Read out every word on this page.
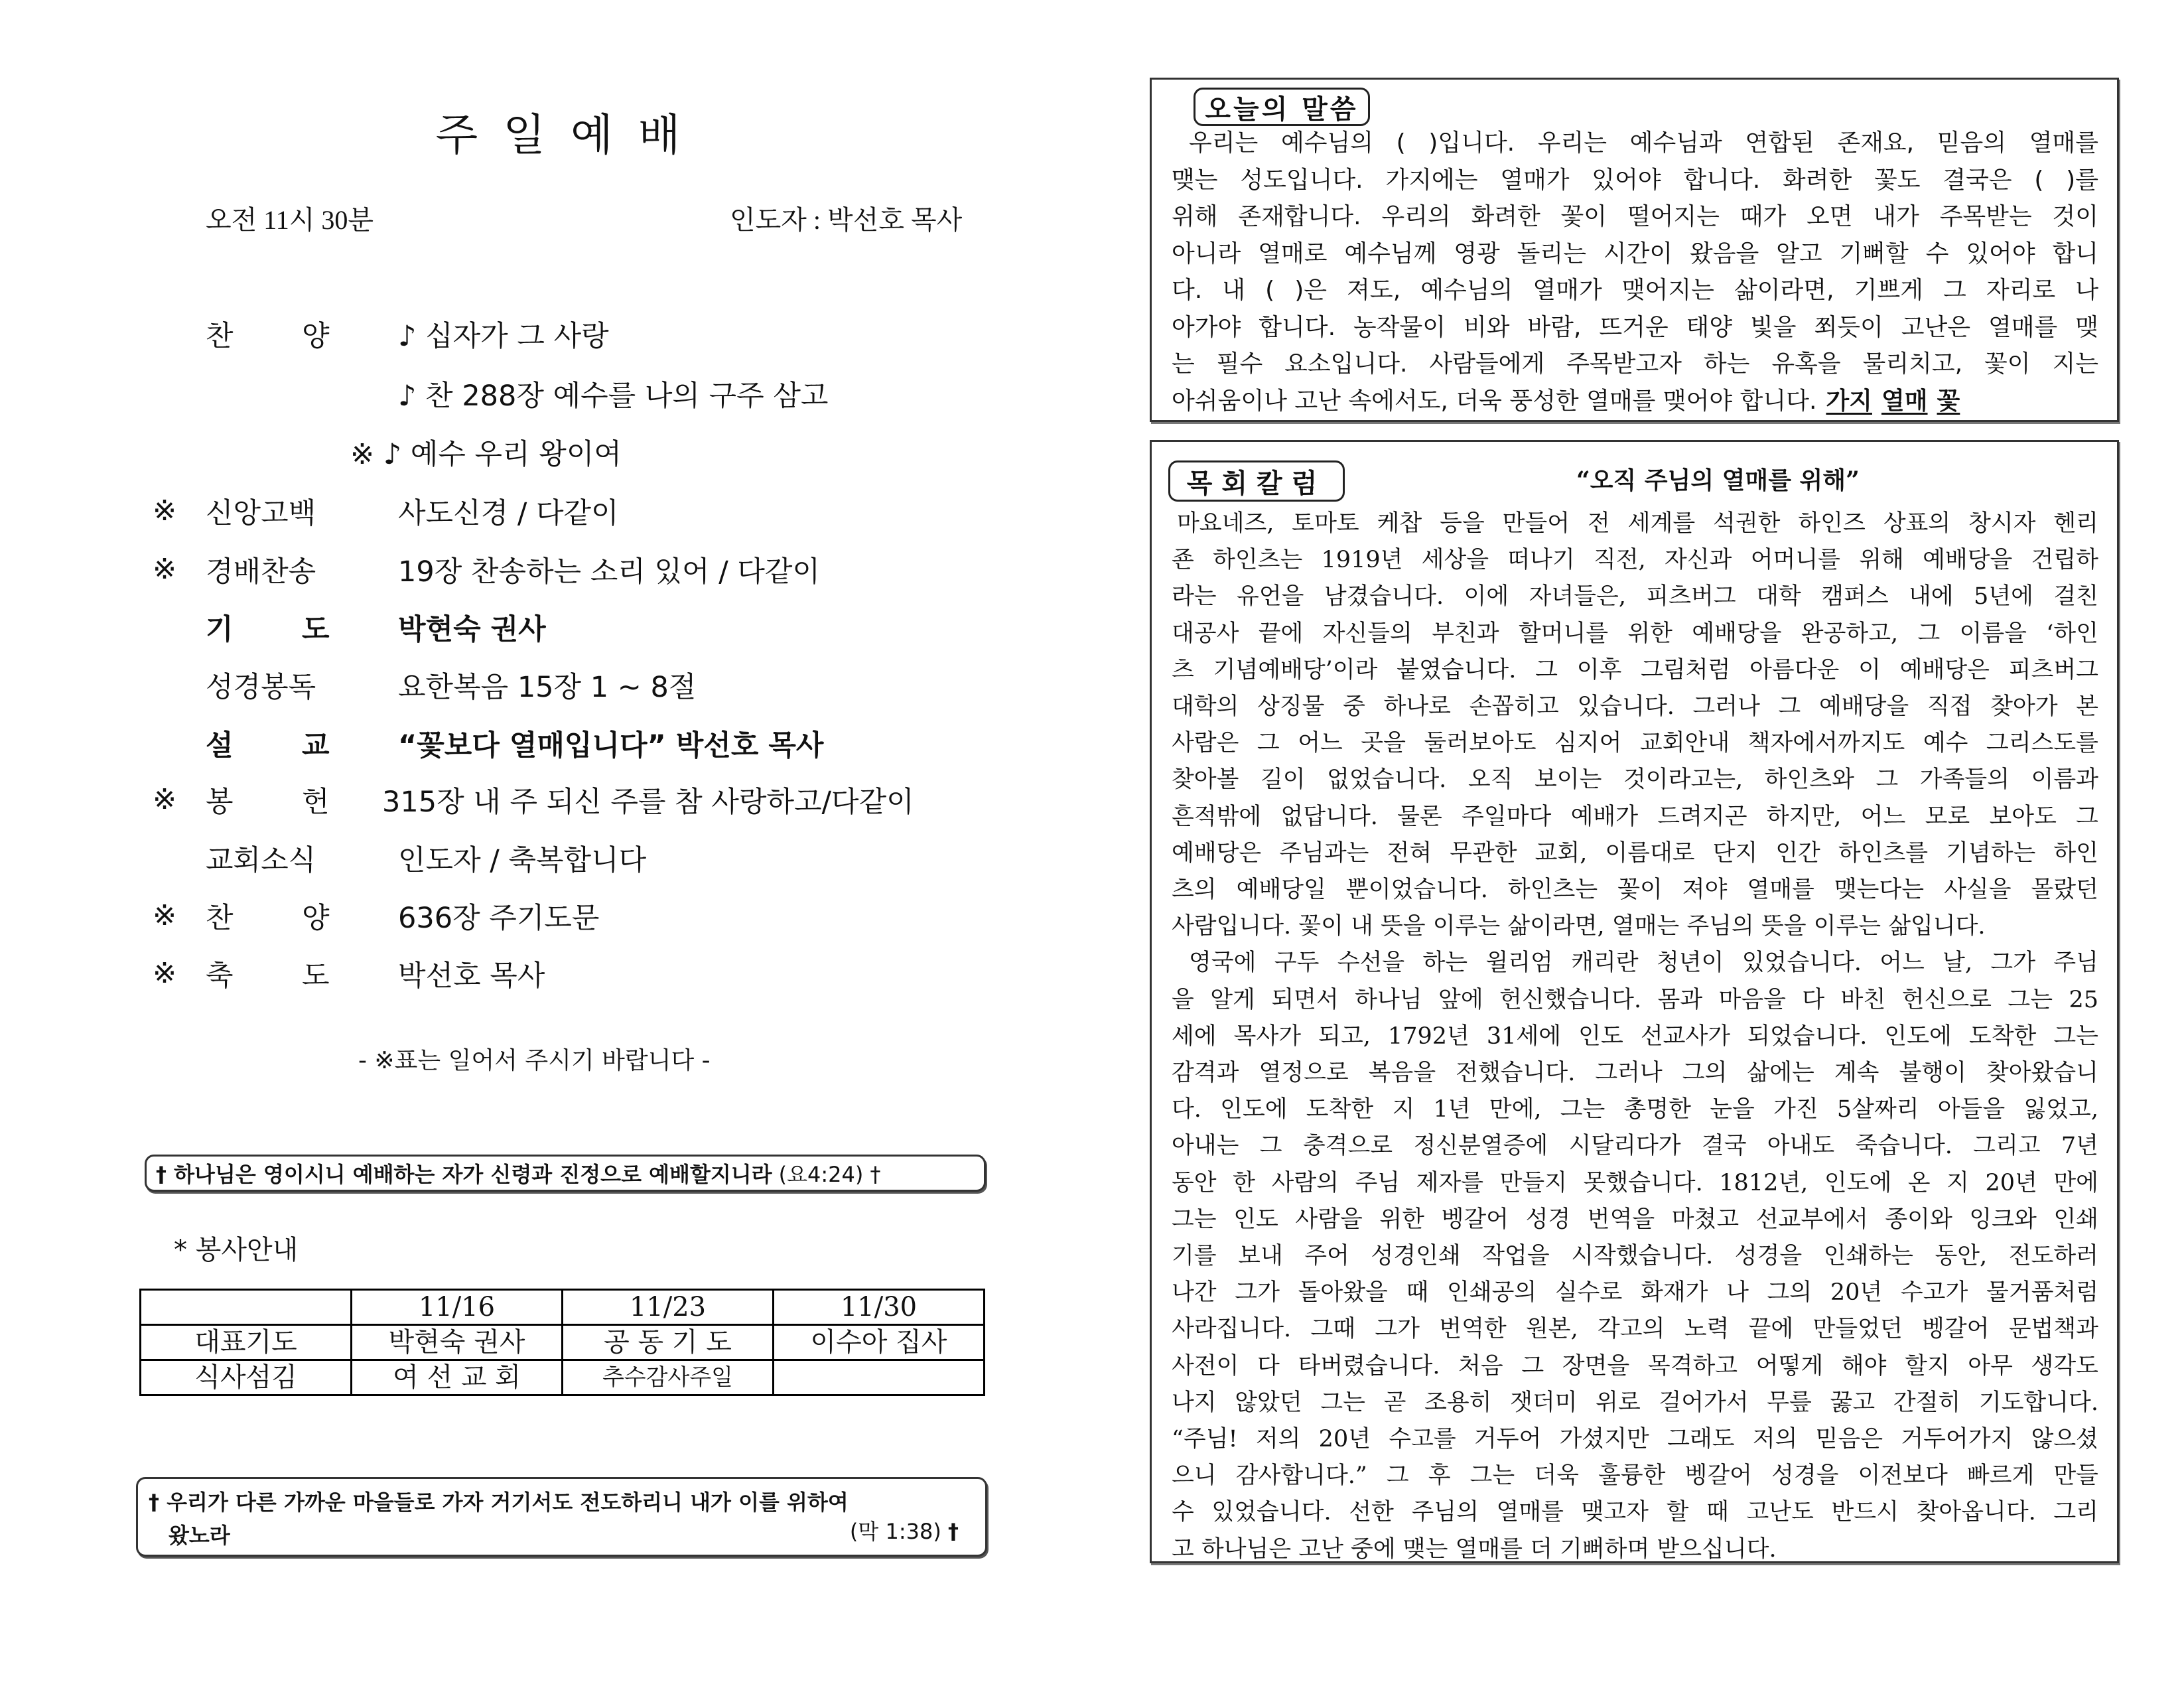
주일예배
오전 11시 30분	인도자 : 박선호 목사
찬 양	♪ 십자가 그 사랑
♪ 찬 288장 예수를 나의 구주 삼고
※ ♪ 예수 우리 왕이여
※	신앙고백	사도신경 / 다같이
※	경배찬송	19장 찬송하는 소리 있어 / 다같이
기 도	박현숙 권사
성경봉독	요한복음 15장 1 ~ 8절
설 교	“꽃보다 열매입니다” 박선호 목사
※	봉 헌	315장 내 주 되신 주를 참 사랑하고/다같이
교회소식	인도자 / 축복합니다
※	찬 양	636장 주기도문
※	축 도	박선호 목사
- ※표는 일어서 주시기 바랍니다 -
† 하나님은 영이시니 예배하는 자가 신령과 진정으로 예배할지니라 (요4:24) †
* 봉사안내
	11/16	11/23	11/30
대표기도	박현숙 권사	공 동 기 도	이수아 집사
식사섬김	여 선 교 회	추수감사주일	
† 우리가 다른 가까운 마을들로 가자 거기서도 전도하리니 내가 이를 위하여
왔노라	(막 1:38) †
오늘의 말씀
우리는 예수님의 ( )입니다. 우리는 예수님과 연합된 존재요, 믿음의 열매를
맺는 성도입니다. 가지에는 열매가 있어야 합니다. 화려한 꽃도 결국은 ( )를
위해 존재합니다. 우리의 화려한 꽃이 떨어지는 때가 오면 내가 주목받는 것이
아니라 열매로 예수님께 영광 돌리는 시간이 왔음을 알고 기뻐할 수 있어야 합니
다. 내 ( )은 져도, 예수님의 열매가 맺어지는 삶이라면, 기쁘게 그 자리로 나
아가야 합니다. 농작물이 비와 바람, 뜨거운 태양 빛을 쬐듯이 고난은 열매를 맺
는 필수 요소입니다. 사람들에게 주목받고자 하는 유혹을 물리치고, 꽃이 지는
아쉬움이나 고난 속에서도, 더욱 풍성한 열매를 맺어야 합니다. 가지 열매 꽃
목회칼럼	“오직 주님의 열매를 위해”
마요네즈, 토마토 케찹 등을 만들어 전 세계를 석권한 하인즈 상표의 창시자 헨리
죤 하인츠는 1919년 세상을 떠나기 직전, 자신과 어머니를 위해 예배당을 건립하
라는 유언을 남겼습니다. 이에 자녀들은, 피츠버그 대학 캠퍼스 내에 5년에 걸친
대공사 끝에 자신들의 부친과 할머니를 위한 예배당을 완공하고, 그 이름을 ‘하인
츠 기념예배당’이라 붙였습니다. 그 이후 그림처럼 아름다운 이 예배당은 피츠버그
대학의 상징물 중 하나로 손꼽히고 있습니다. 그러나 그 예배당을 직접 찾아가 본
사람은 그 어느 곳을 둘러보아도 심지어 교회안내 책자에서까지도 예수 그리스도를
찾아볼 길이 없었습니다. 오직 보이는 것이라고는, 하인츠와 그 가족들의 이름과
흔적밖에 없답니다. 물론 주일마다 예배가 드려지곤 하지만, 어느 모로 보아도 그
예배당은 주님과는 전혀 무관한 교회, 이름대로 단지 인간 하인츠를 기념하는 하인
츠의 예배당일 뿐이었습니다. 하인츠는 꽃이 져야 열매를 맺는다는 사실을 몰랐던
사람입니다. 꽃이 내 뜻을 이루는 삶이라면, 열매는 주님의 뜻을 이루는 삶입니다.
영국에 구두 수선을 하는 윌리엄 캐리란 청년이 있었습니다. 어느 날, 그가 주님
을 알게 되면서 하나님 앞에 헌신했습니다. 몸과 마음을 다 바친 헌신으로 그는 25
세에 목사가 되고, 1792년 31세에 인도 선교사가 되었습니다. 인도에 도착한 그는
감격과 열정으로 복음을 전했습니다. 그러나 그의 삶에는 계속 불행이 찾아왔습니
다. 인도에 도착한 지 1년 만에, 그는 총명한 눈을 가진 5살짜리 아들을 잃었고,
아내는 그 충격으로 정신분열증에 시달리다가 결국 아내도 죽습니다. 그리고 7년
동안 한 사람의 주님 제자를 만들지 못했습니다. 1812년, 인도에 온 지 20년 만에
그는 인도 사람을 위한 벵갈어 성경 번역을 마쳤고 선교부에서 종이와 잉크와 인쇄
기를 보내 주어 성경인쇄 작업을 시작했습니다. 성경을 인쇄하는 동안, 전도하러
나간 그가 돌아왔을 때 인쇄공의 실수로 화재가 나 그의 20년 수고가 물거품처럼
사라집니다. 그때 그가 번역한 원본, 각고의 노력 끝에 만들었던 벵갈어 문법책과
사전이 다 타버렸습니다. 처음 그 장면을 목격하고 어떻게 해야 할지 아무 생각도
나지 않았던 그는 곧 조용히 잿더미 위로 걸어가서 무릎 꿇고 간절히 기도합니다.
“주님! 저의 20년 수고를 거두어 가셨지만 그래도 저의 믿음은 거두어가지 않으셨
으니 감사합니다.” 그 후 그는 더욱 훌륭한 벵갈어 성경을 이전보다 빠르게 만들
수 있었습니다. 선한 주님의 열매를 맺고자 할 때 고난도 반드시 찾아옵니다. 그리
고 하나님은 고난 중에 맺는 열매를 더 기뻐하며 받으십니다.
